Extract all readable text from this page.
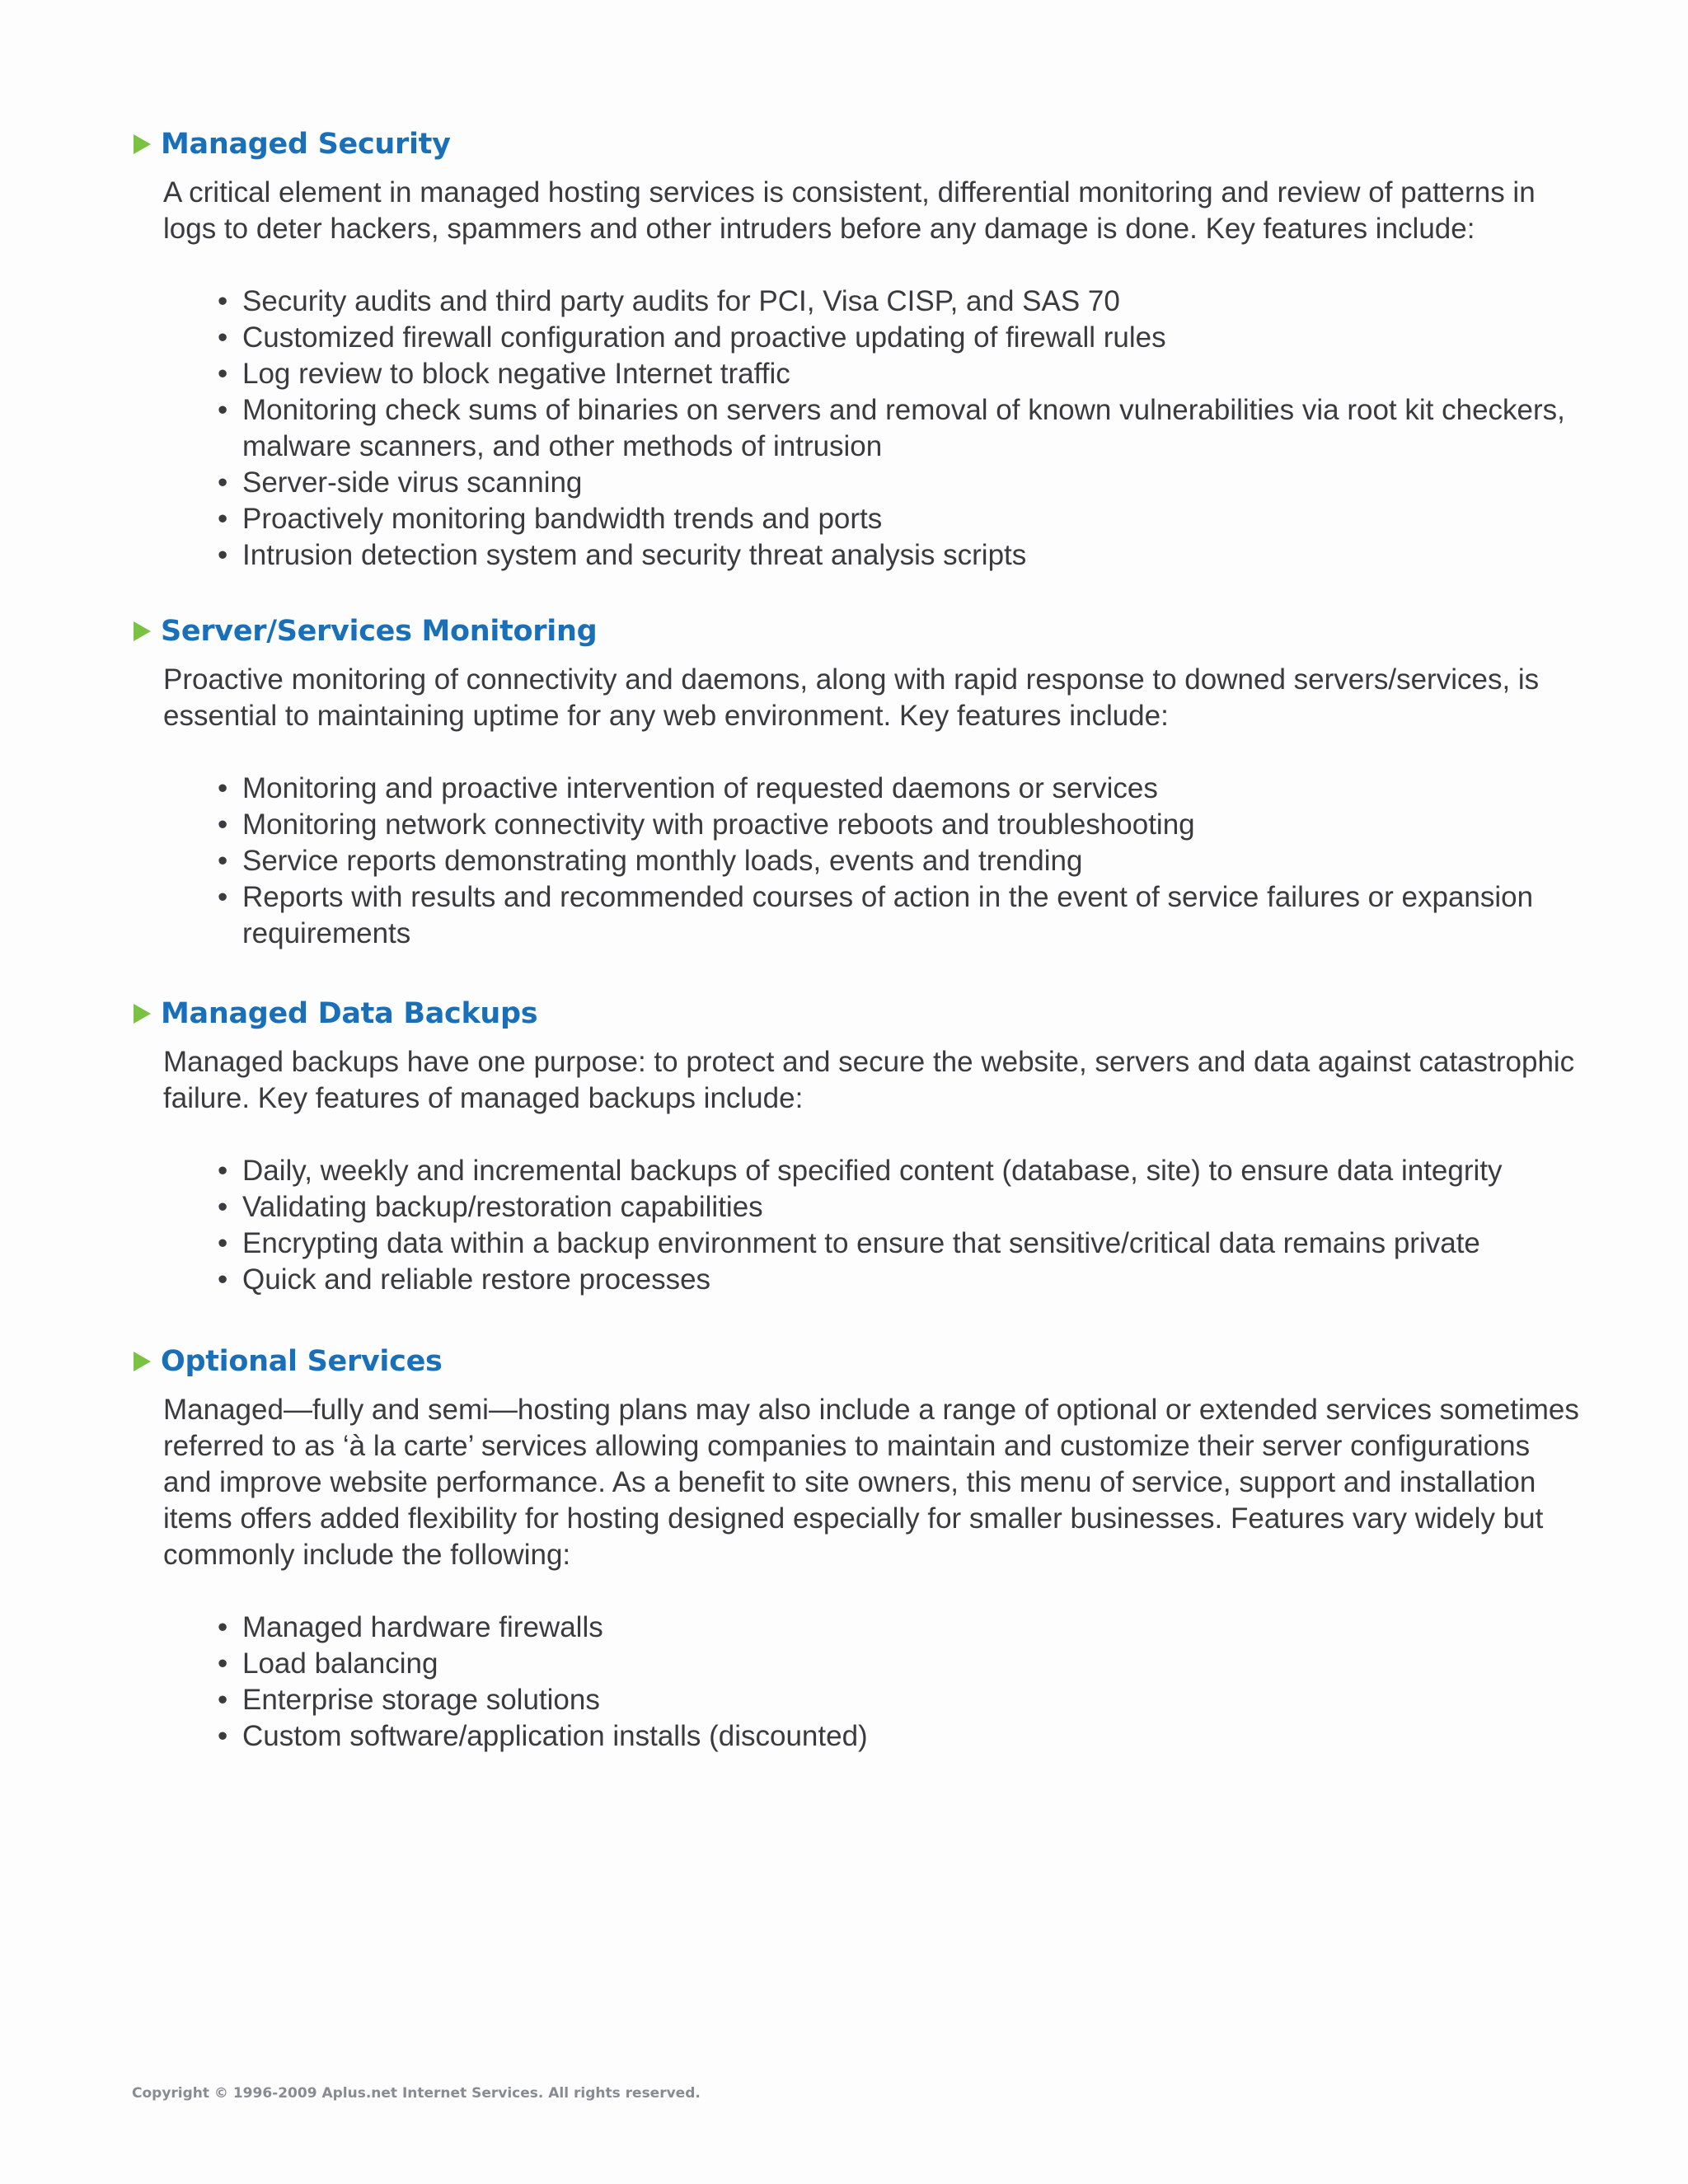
Managed Security

A critical element in managed hosting services is consistent, differential monitoring and review of patterns in logs to deter hackers, spammers and other intruders before any damage is done. Key features include:

• Security audits and third party audits for PCI, Visa CISP, and SAS 70
• Customized firewall configuration and proactive updating of firewall rules
• Log review to block negative Internet traffic
• Monitoring check sums of binaries on servers and removal of known vulnerabilities via root kit checkers, malware scanners, and other methods of intrusion
• Server-side virus scanning
• Proactively monitoring bandwidth trends and ports
• Intrusion detection system and security threat analysis scripts
Server/Services Monitoring

Proactive monitoring of connectivity and daemons, along with rapid response to downed servers/services, is essential to maintaining uptime for any web environment. Key features include:

• Monitoring and proactive intervention of requested daemons or services
• Monitoring network connectivity with proactive reboots and troubleshooting
• Service reports demonstrating monthly loads, events and trending
• Reports with results and recommended courses of action in the event of service failures or expansion requirements
Managed Data Backups

Managed backups have one purpose: to protect and secure the website, servers and data against catastrophic failure. Key features of managed backups include:

• Daily, weekly and incremental backups of specified content (database, site) to ensure data integrity
• Validating backup/restoration capabilities
• Encrypting data within a backup environment to ensure that sensitive/critical data remains private
• Quick and reliable restore processes
Optional Services

Managed—fully and semi—hosting plans may also include a range of optional or extended services sometimes referred to as ‘à la carte’ services allowing companies to maintain and customize their server configurations and improve website performance. As a benefit to site owners, this menu of service, support and installation items offers added flexibility for hosting designed especially for smaller businesses. Features vary widely but commonly include the following:

• Managed hardware firewalls
• Load balancing
• Enterprise storage solutions
• Custom software/application installs (discounted)
Copyright © 1996-2009 Aplus.net Internet Services. All rights reserved.
